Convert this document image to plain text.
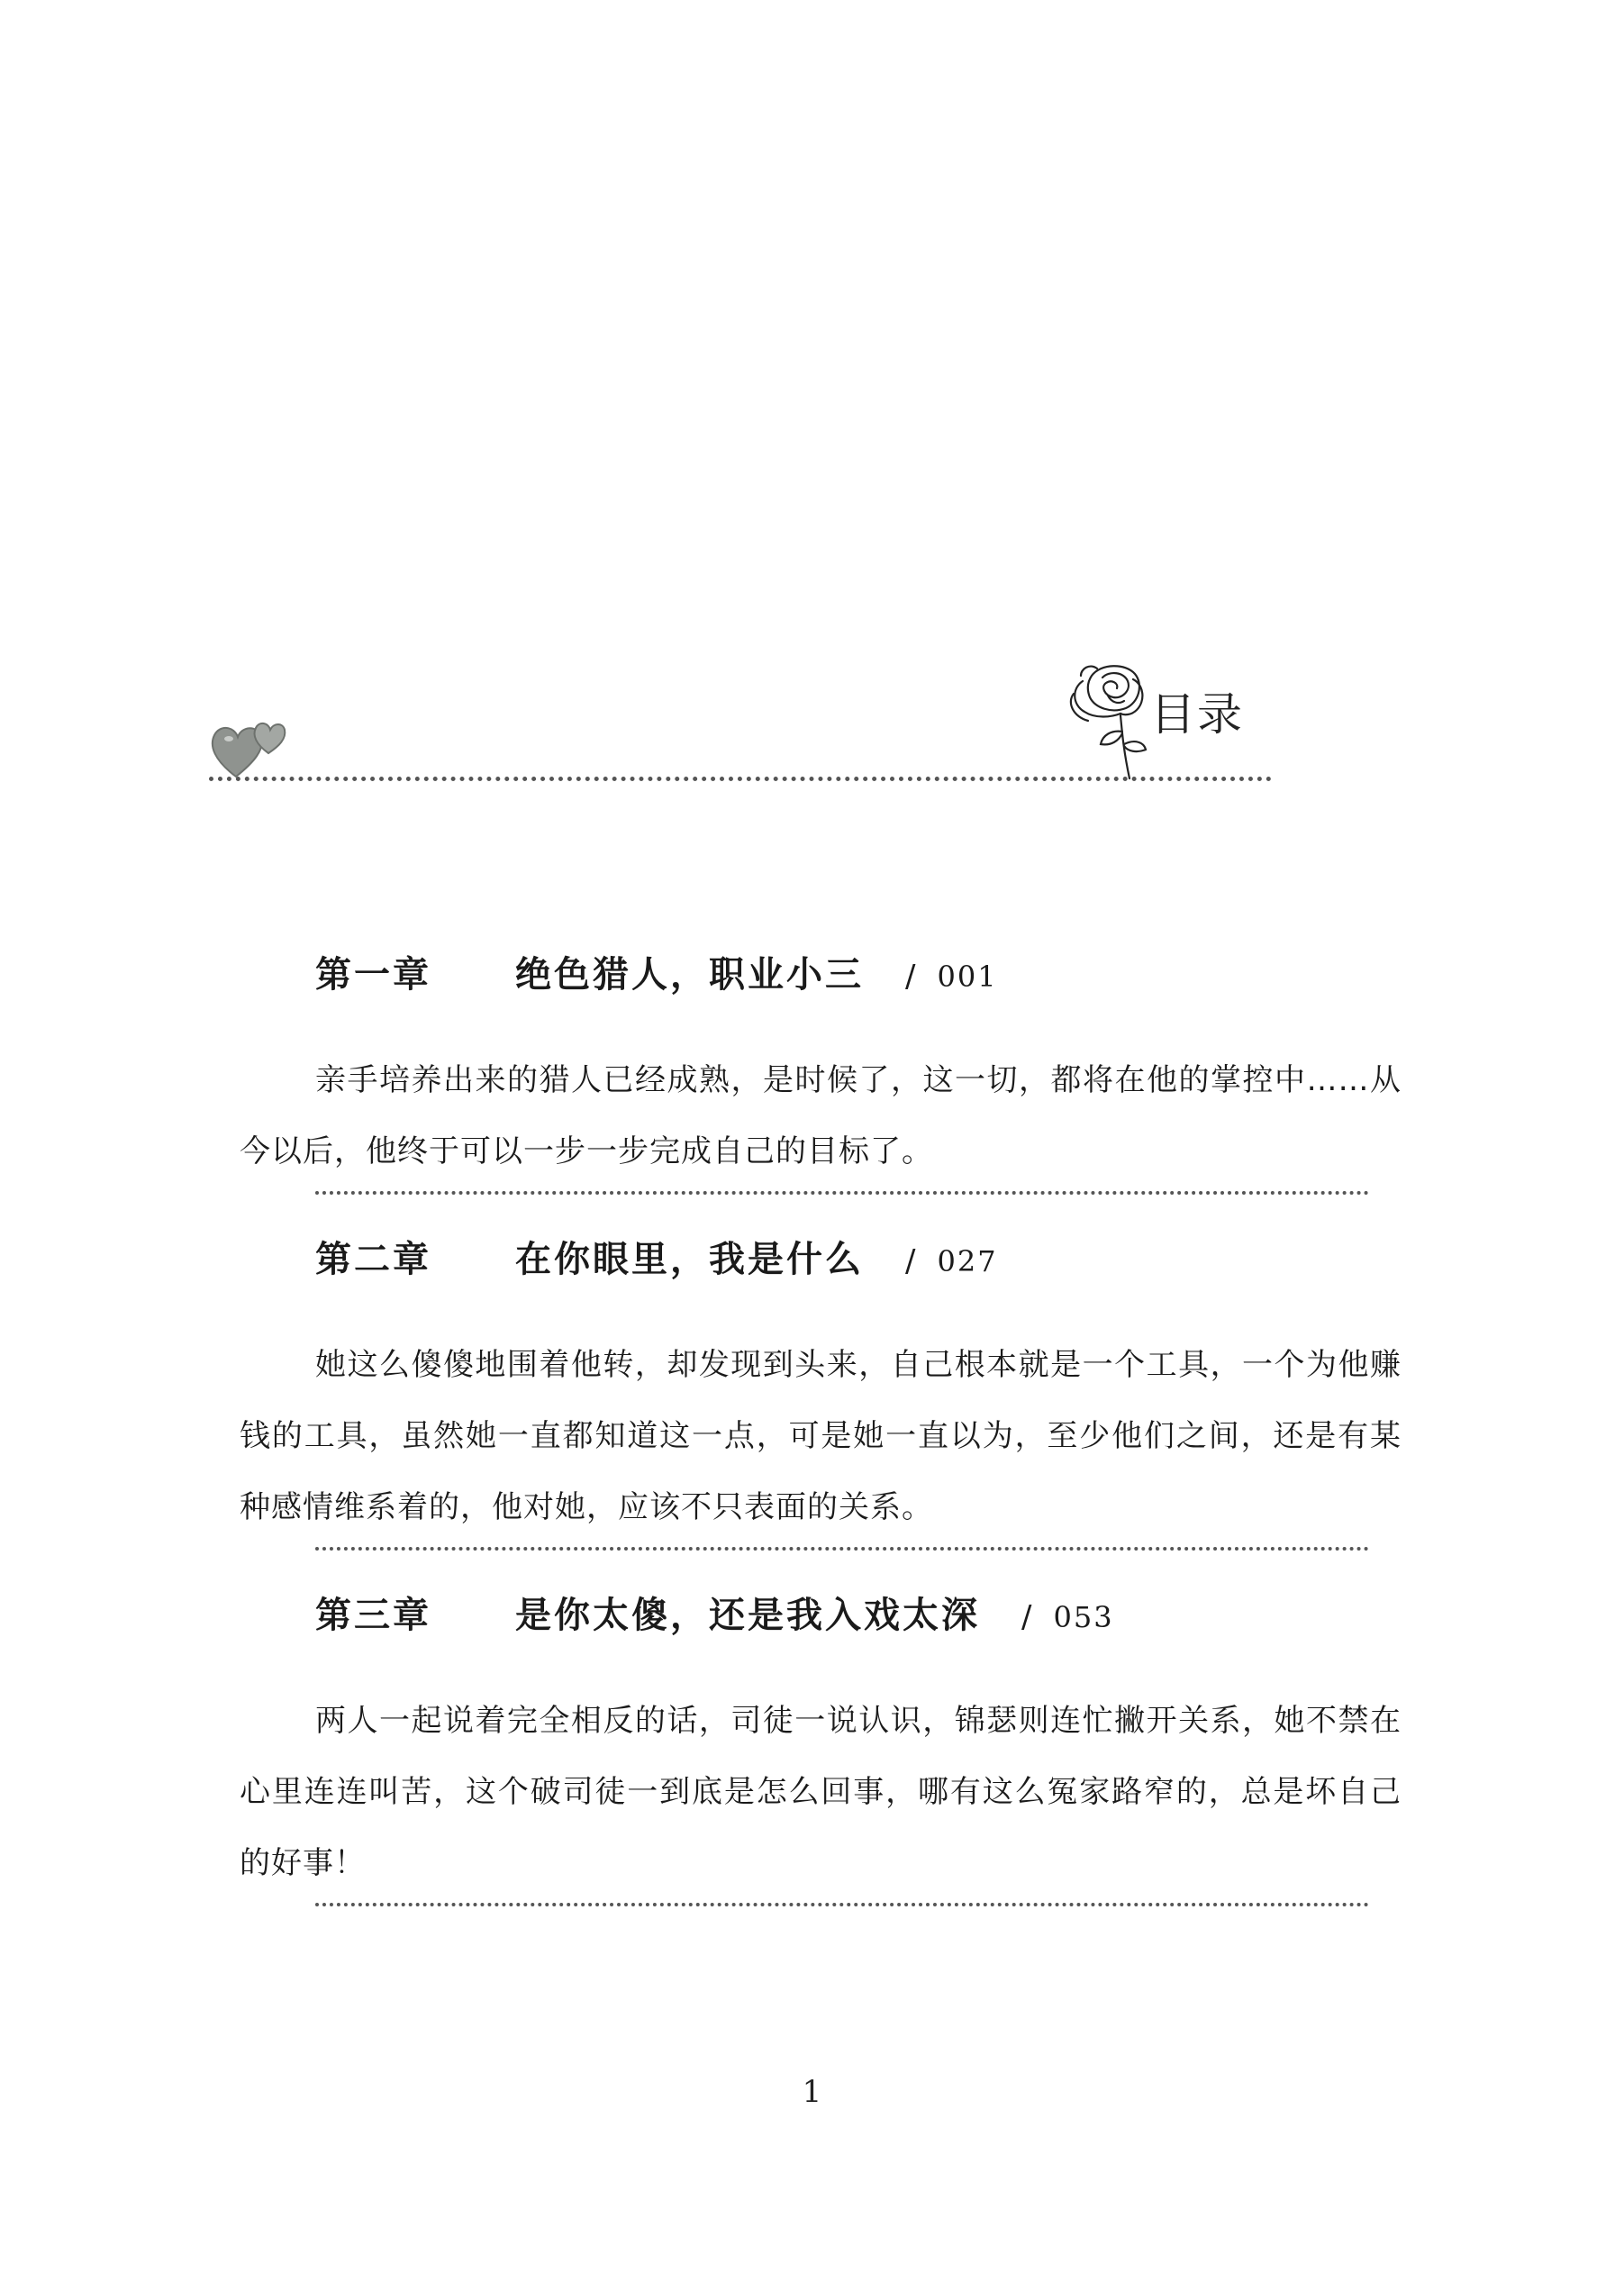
目录
第一章	绝色猎人，职业小三 / 001
亲手培养出来的猎人已经成熟，是时候了，这一切，都将在他的掌控中……从今以后，他终于可以一步一步完成自己的目标了。
第二章	在你眼里，我是什么 / 027
她这么傻傻地围着他转，却发现到头来，自己根本就是一个工具，一个为他赚钱的工具，虽然她一直都知道这一点，可是她一直以为，至少他们之间，还是有某种感情维系着的，他对她，应该不只表面的关系。
第三章	是你太傻，还是我入戏太深 / 053
两人一起说着完全相反的话，司徒一说认识，锦瑟则连忙撇开关系，她不禁在心里连连叫苦，这个破司徒一到底是怎么回事，哪有这么冤家路窄的，总是坏自己的好事！
1
